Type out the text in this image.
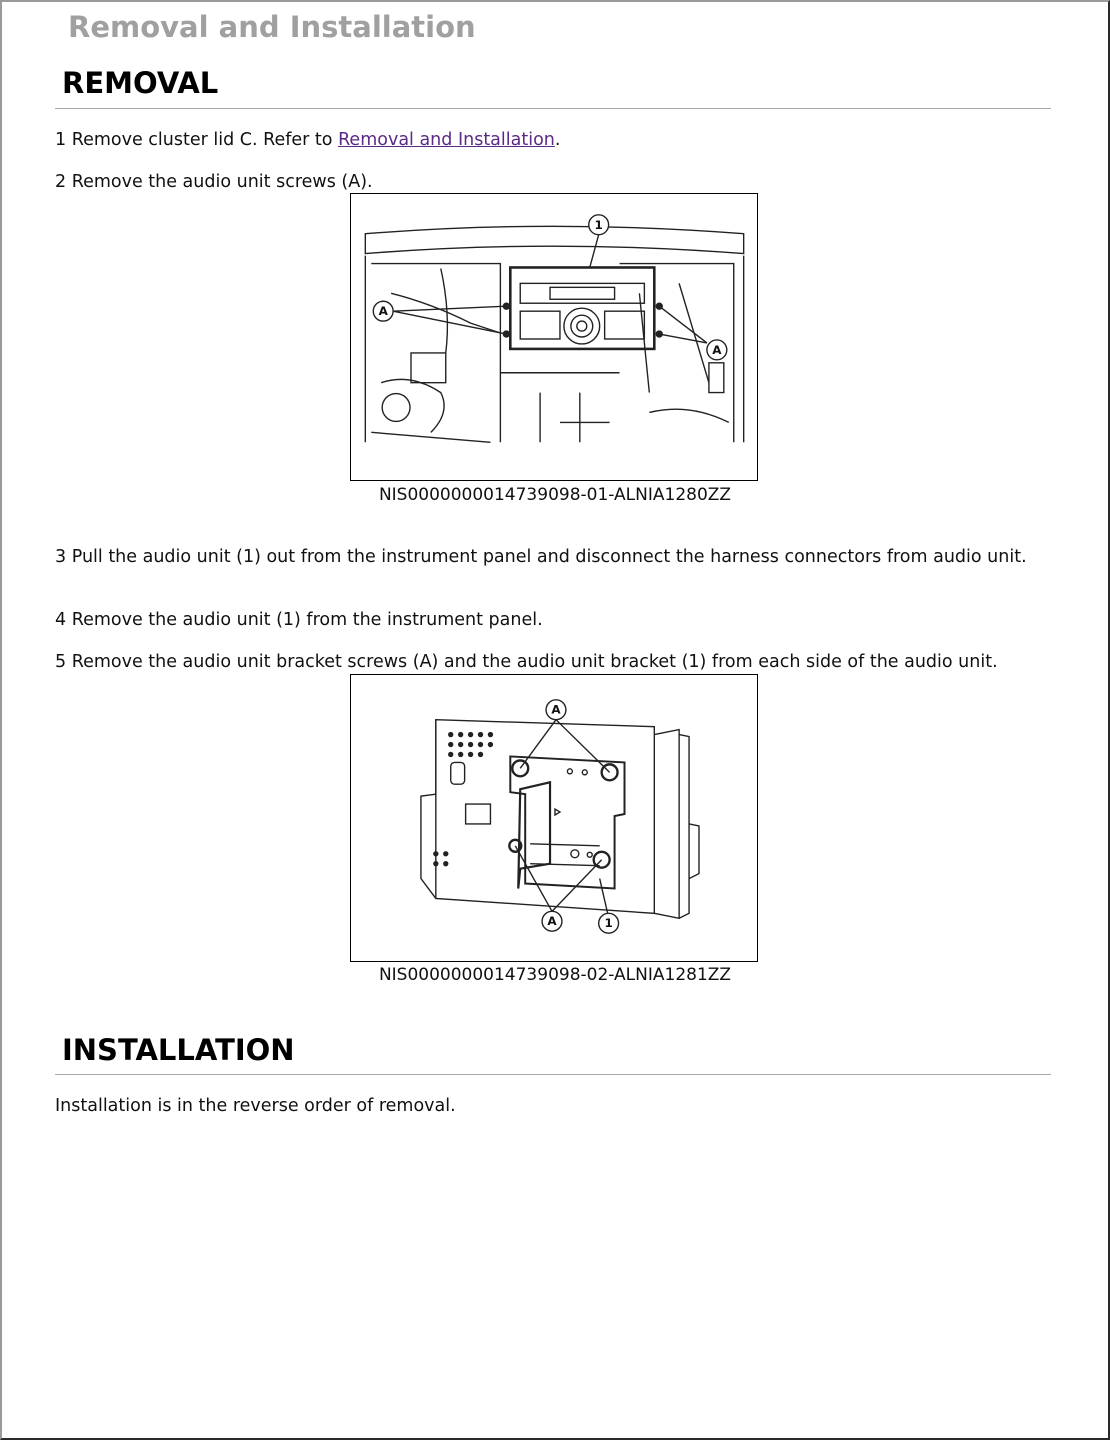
Removal and Installation
REMOVAL

1 Remove cluster lid C. Refer to Removal and Installation.

2 Remove the audio unit screws (A).

1
A
A
NIS0000000014739098-01-ALNIA1280ZZ

3 Pull the audio unit (1) out from the instrument panel and disconnect the harness connectors from audio unit.

4 Remove the audio unit (1) from the instrument panel.

5 Remove the audio unit bracket screws (A) and the audio unit bracket (1) from each side of the audio unit.

A
A	1
NIS0000000014739098-02-ALNIA1281ZZ
INSTALLATION

Installation is in the reverse order of removal.
